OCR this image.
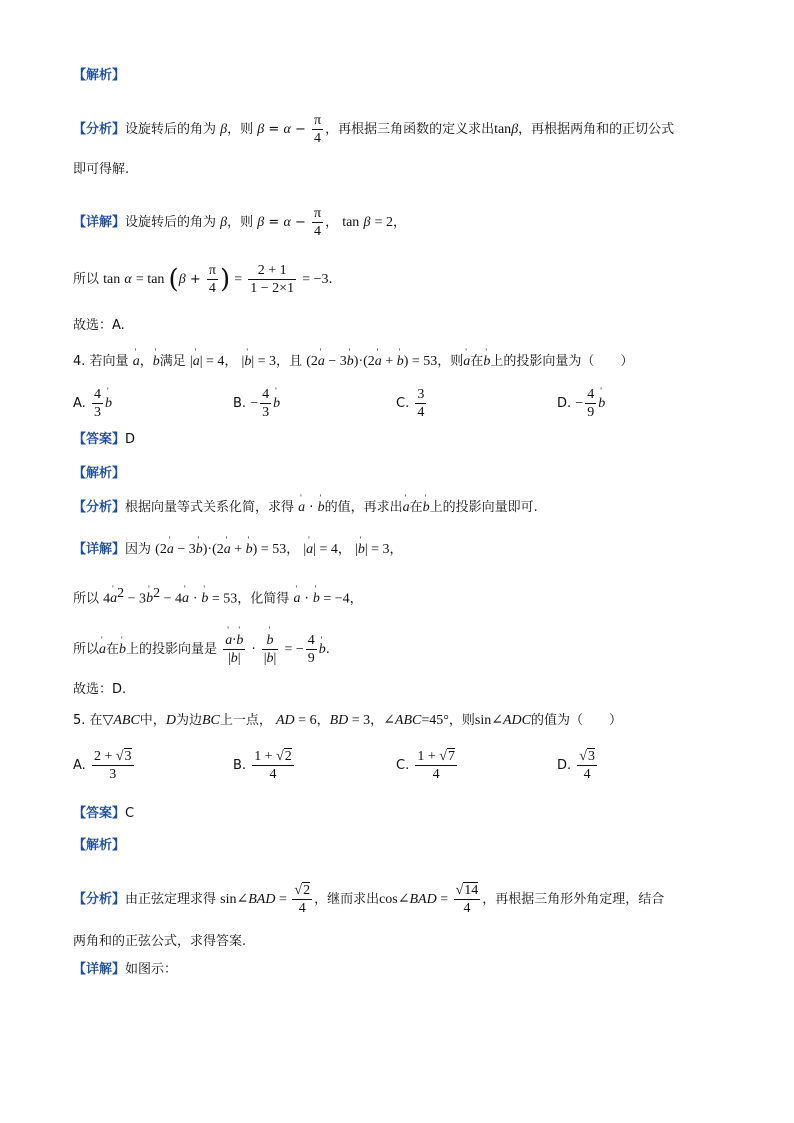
【解析】
【分析】设旋转后的角为 β，则 $\beta = \alpha - \frac{\pi}{4}$ ，再根据三角函数的定义求出tanβ，再根据两角和的正切公式
即可得解.
【详解】设旋转后的角为 β，则 $\beta = \alpha - \frac{\pi}{4}$ ， tan β = 2，
所以 $\tan \alpha = \tan (\beta + \frac{\pi}{4}$ ) = $\frac{2 + 1}{1 - 2\times 1} = -3$.
故选：A.
4. 若向量 ' a，' b满足 |' a| = 4， |' b| = 3，且 (2' a − 3' b)·(2' a + ' b) = 53，则' a在' b上的投影向量为（　　）
A. $\frac{4}{3}$ ' b	B. − $\frac{4}{3}$ ' b	C. $\frac{3}{4}$	D. − $\frac{4}{9}$ ' b
【答案】D
【解析】
【分析】根据向量等式关系化简，求得 ' a · ' b的值，再求出' a在' b上的投影向量即可.
【详解】因为 (2' a − 3' b)·(2' a + ' b) = 53， |' a| = 4， |' b| = 3，
所以 4' $a^2 - 3'$ $b^2 - 4'$ a · ' b = 53，化简得 ' a · ' b = −4，
所以' a在' b上的投影向量是 ' $\frac{a\cdot' b}{|b|}$ · ' $\frac{b}{|b|}$ = − $\frac{4}{9}$ ' b.
故选：D.
5. 在▽ABC中，D为边BC上一点， AD = 6，BD = 3，∠ABC=45°，则sin∠ADC的值为（　　）
A. $\frac{2 + √3}{3}$	B. $\frac{1 + √2}{4}$	C. $\frac{1 + √7}{4}$	D. $\frac{√3}{4}$
【答案】C
【解析】
【分析】由正弦定理求得 sin∠BAD = $\frac{√2}{4}$ ，继而求出cos∠BAD = $\frac{√14}{4}$ ，再根据三角形外角定理，结合
两角和的正弦公式，求得答案.
【详解】如图示：
